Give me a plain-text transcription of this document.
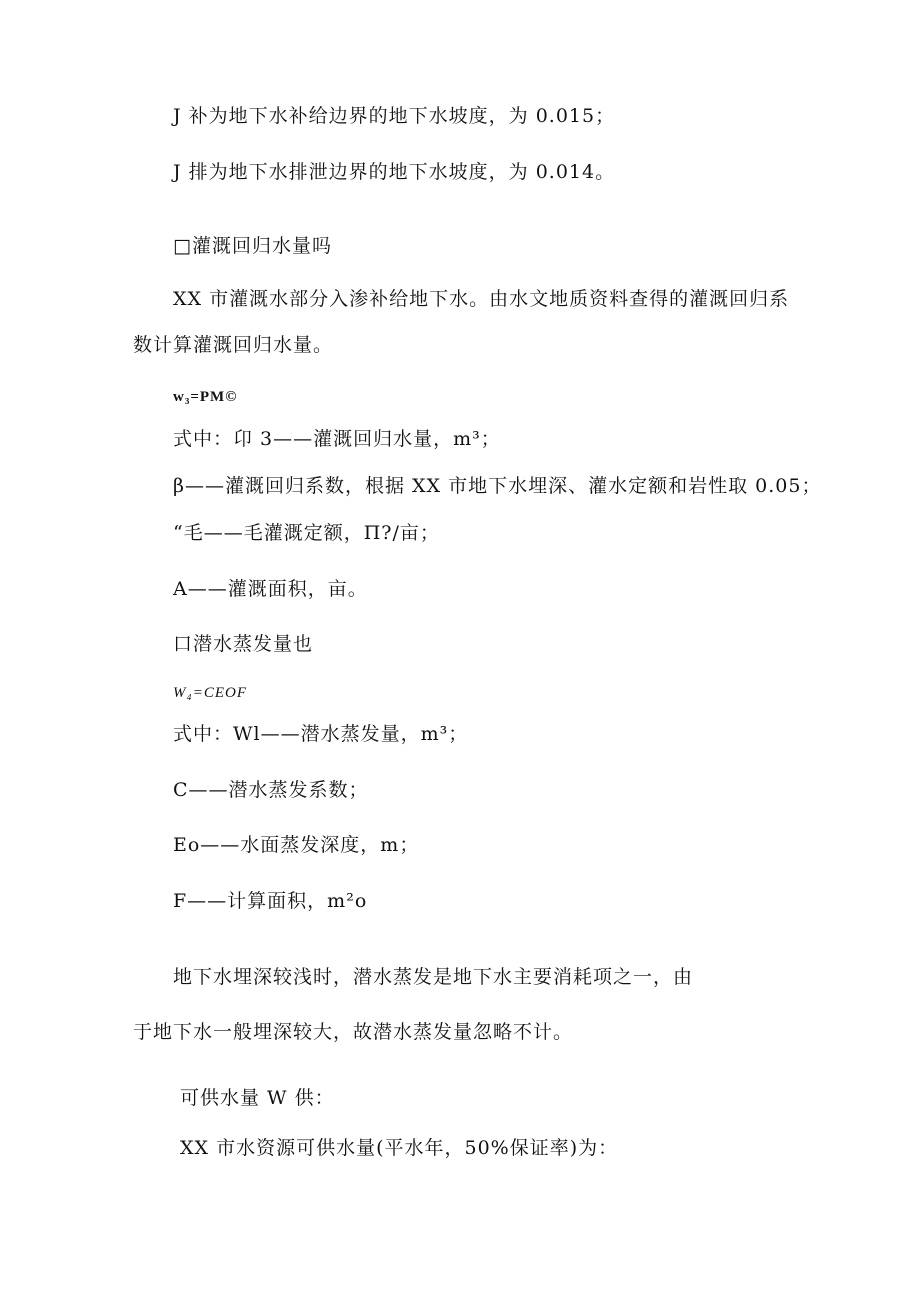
J 补为地下水补给边界的地下水坡度，为 0.015；
J 排为地下水排泄边界的地下水坡度，为 0.014。
□灌溉回归水量吗
XX 市灌溉水部分入渗补给地下水。由水文地质资料查得的灌溉回归系
数计算灌溉回归水量。
w₃=PM©
式中：卬 3——灌溉回归水量，m³；
β——灌溉回归系数，根据 XX 市地下水埋深、灌水定额和岩性取 0.05；
“毛——毛灌溉定额，Π?/亩；
A——灌溉面积，亩。
口潜水蒸发量也
W₄=CEOF
式中：Wl——潜水蒸发量，m³；
C——潜水蒸发系数；
Eo——水面蒸发深度，m；
F——计算面积，m²o
地下水埋深较浅时，潜水蒸发是地下水主要消耗项之一，由
于地下水一般埋深较大，故潜水蒸发量忽略不计。
可供水量 W 供：
XX 市水资源可供水量(平水年，50%保证率)为：
